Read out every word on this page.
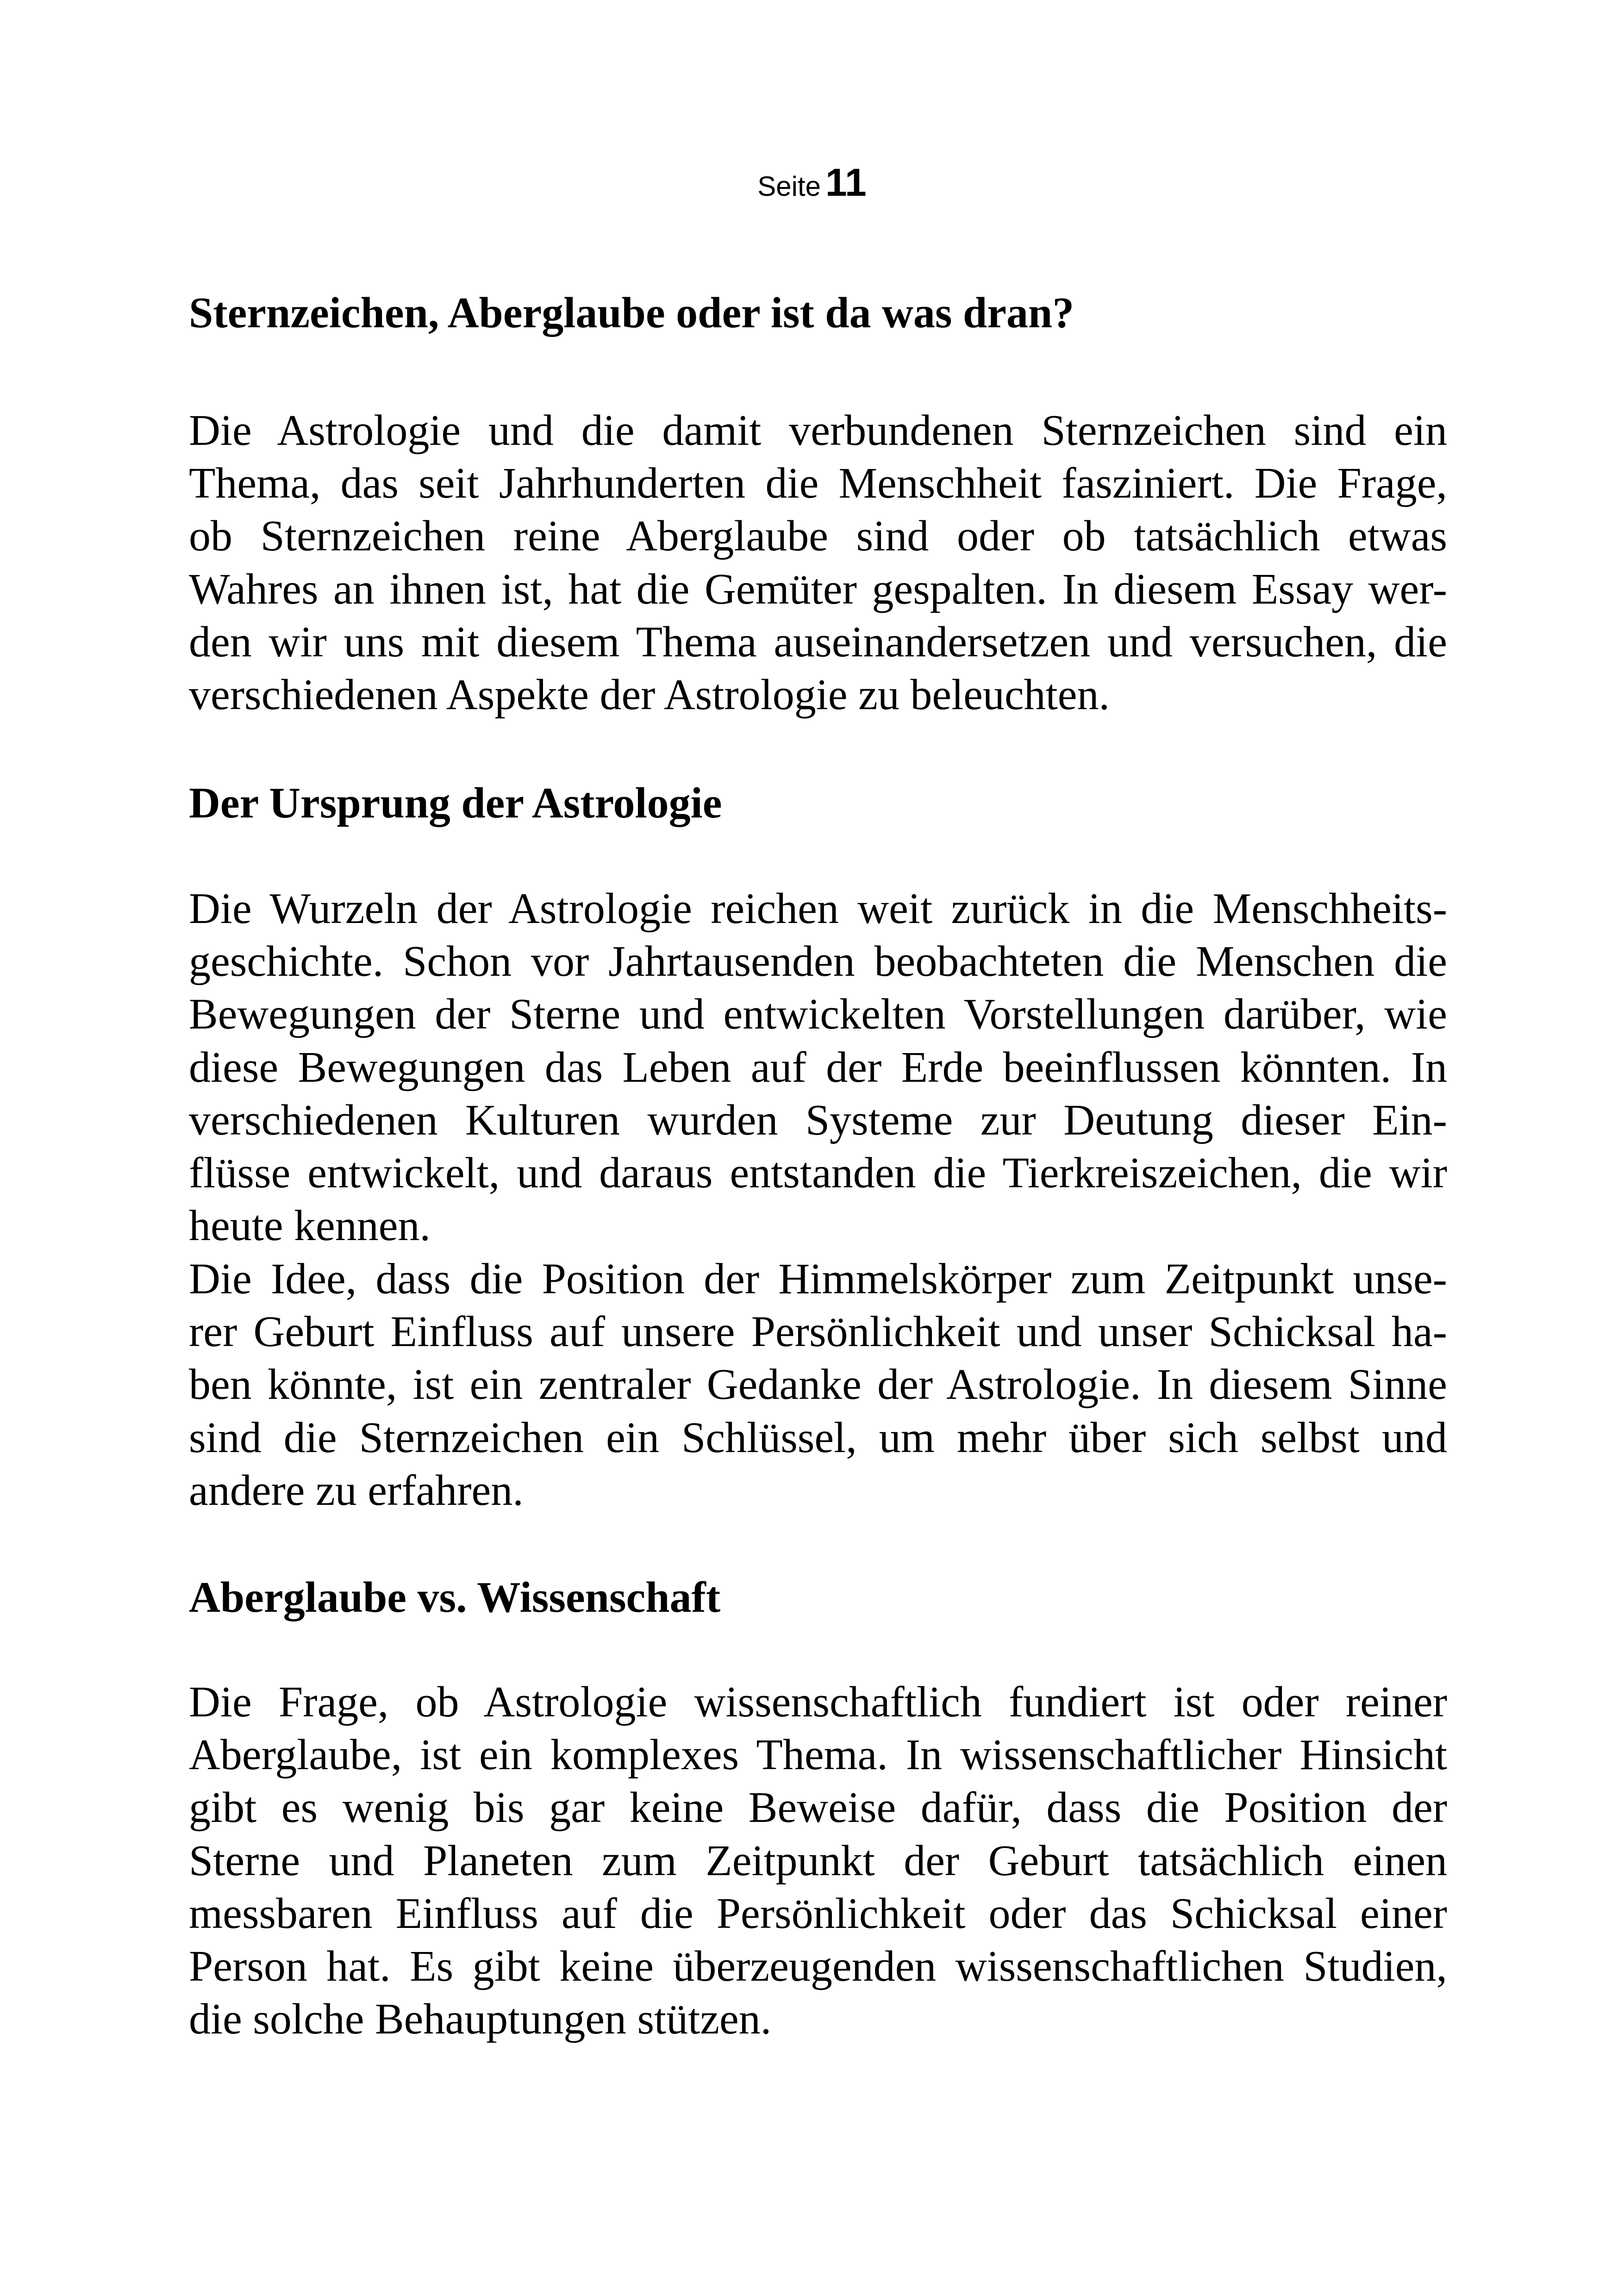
Seite 11
Sternzeichen, Aberglaube oder ist da was dran?
Die Astrologie und die damit verbundenen Sternzeichen sind ein
Thema, das seit Jahrhunderten die Menschheit fasziniert. Die Frage,
ob Sternzeichen reine Aberglaube sind oder ob tatsächlich etwas
Wahres an ihnen ist, hat die Gemüter gespalten. In diesem Essay wer-
den wir uns mit diesem Thema auseinandersetzen und versuchen, die
verschiedenen Aspekte der Astrologie zu beleuchten.
Der Ursprung der Astrologie
Die Wurzeln der Astrologie reichen weit zurück in die Menschheits-
geschichte. Schon vor Jahrtausenden beobachteten die Menschen die
Bewegungen der Sterne und entwickelten Vorstellungen darüber, wie
diese Bewegungen das Leben auf der Erde beeinflussen könnten. In
verschiedenen Kulturen wurden Systeme zur Deutung dieser Ein-
flüsse entwickelt, und daraus entstanden die Tierkreiszeichen, die wir
heute kennen.
Die Idee, dass die Position der Himmelskörper zum Zeitpunkt unse-
rer Geburt Einfluss auf unsere Persönlichkeit und unser Schicksal ha-
ben könnte, ist ein zentraler Gedanke der Astrologie. In diesem Sinne
sind die Sternzeichen ein Schlüssel, um mehr über sich selbst und
andere zu erfahren.
Aberglaube vs. Wissenschaft
Die Frage, ob Astrologie wissenschaftlich fundiert ist oder reiner
Aberglaube, ist ein komplexes Thema. In wissenschaftlicher Hinsicht
gibt es wenig bis gar keine Beweise dafür, dass die Position der
Sterne und Planeten zum Zeitpunkt der Geburt tatsächlich einen
messbaren Einfluss auf die Persönlichkeit oder das Schicksal einer
Person hat. Es gibt keine überzeugenden wissenschaftlichen Studien,
die solche Behauptungen stützen.
